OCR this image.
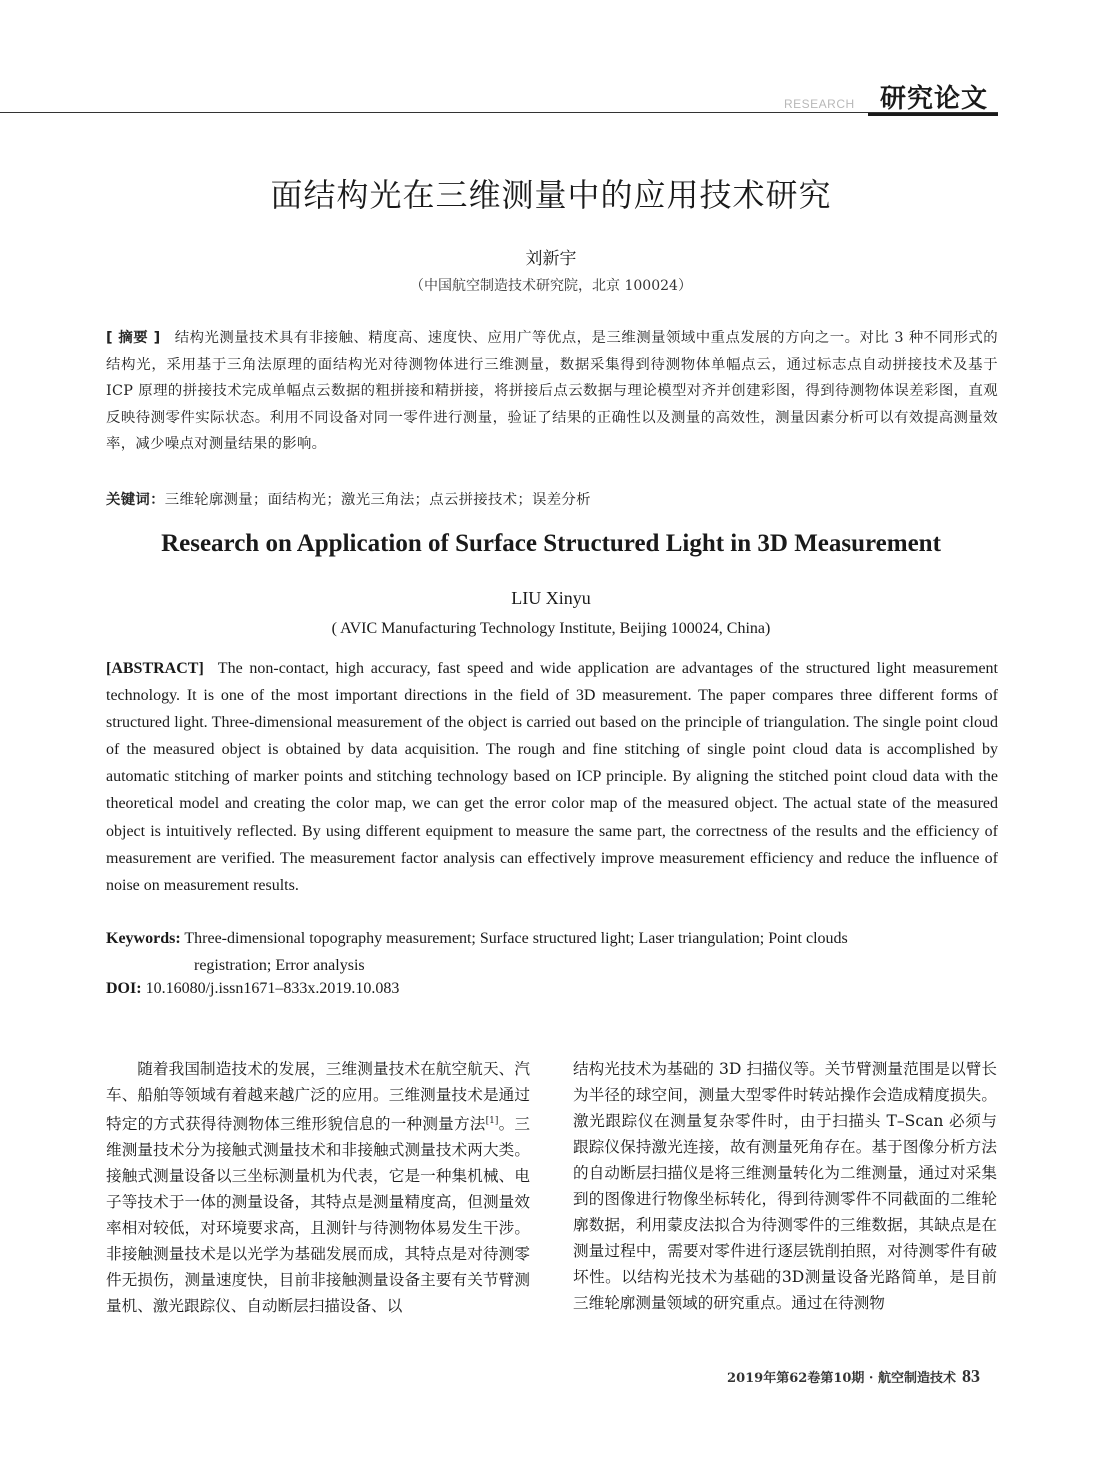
RESEARCH 研究论文
面结构光在三维测量中的应用技术研究
刘新宇
（中国航空制造技术研究院，北京 100024）
[ 摘要 ] 结构光测量技术具有非接触、精度高、速度快、应用广等优点，是三维测量领域中重点发展的方向之一。对比 3 种不同形式的结构光，采用基于三角法原理的面结构光对待测物体进行三维测量，数据采集得到待测物体单幅点云，通过标志点自动拼接技术及基于 ICP 原理的拼接技术完成单幅点云数据的粗拼接和精拼接，将拼接后点云数据与理论模型对齐并创建彩图，得到待测物体误差彩图，直观反映待测零件实际状态。利用不同设备对同一零件进行测量，验证了结果的正确性以及测量的高效性，测量因素分析可以有效提高测量效率，减少噪点对测量结果的影响。
关键词：三维轮廓测量；面结构光；激光三角法；点云拼接技术；误差分析
Research on Application of Surface Structured Light in 3D Measurement
LIU Xinyu
( AVIC Manufacturing Technology Institute, Beijing 100024, China)
[ABSTRACT] The non-contact, high accuracy, fast speed and wide application are advantages of the structured light measurement technology. It is one of the most important directions in the field of 3D measurement. The paper compares three different forms of structured light. Three-dimensional measurement of the object is carried out based on the principle of triangulation. The single point cloud of the measured object is obtained by data acquisition. The rough and fine stitching of single point cloud data is accomplished by automatic stitching of marker points and stitching technology based on ICP principle. By aligning the stitched point cloud data with the theoretical model and creating the color map, we can get the error color map of the measured object. The actual state of the measured object is intuitively reflected. By using different equipment to measure the same part, the correctness of the results and the efficiency of measurement are verified. The measurement factor analysis can effectively improve measurement efficiency and reduce the influence of noise on measurement results.
Keywords: Three-dimensional topography measurement; Surface structured light; Laser triangulation; Point clouds
registration; Error analysis
DOI: 10.16080/j.issn1671–833x.2019.10.083
随着我国制造技术的发展，三维测量技术在航空航天、汽车、船舶等领域有着越来越广泛的应用。三维测量技术是通过特定的方式获得待测物体三维形貌信息的一种测量方法[1]。三维测量技术分为接触式测量技术和非接触式测量技术两大类。接触式测量设备以三坐标测量机为代表，它是一种集机械、电子等技术于一体的测量设备，其特点是测量精度高，但测量效率相对较低，对环境要求高，且测针与待测物体易发生干涉。非接触测量技术是以光学为基础发展而成，其特点是对待测零件无损伤，测量速度快，目前非接触测量设备主要有关节臂测量机、激光跟踪仪、自动断层扫描设备、以
结构光技术为基础的 3D 扫描仪等。关节臂测量范围是以臂长为半径的球空间，测量大型零件时转站操作会造成精度损失。激光跟踪仪在测量复杂零件时，由于扫描头 T–Scan 必须与跟踪仪保持激光连接，故有测量死角存在。基于图像分析方法的自动断层扫描仪是将三维测量转化为二维测量，通过对采集到的图像进行物像坐标转化，得到待测零件不同截面的二维轮廓数据，利用蒙皮法拟合为待测零件的三维数据，其缺点是在测量过程中，需要对零件进行逐层铣削拍照，对待测零件有破坏性。以结构光技术为基础的3D测量设备光路简单，是目前三维轮廓测量领域的研究重点。通过在待测物
2019年第62卷第10期 · 航空制造技术 83
